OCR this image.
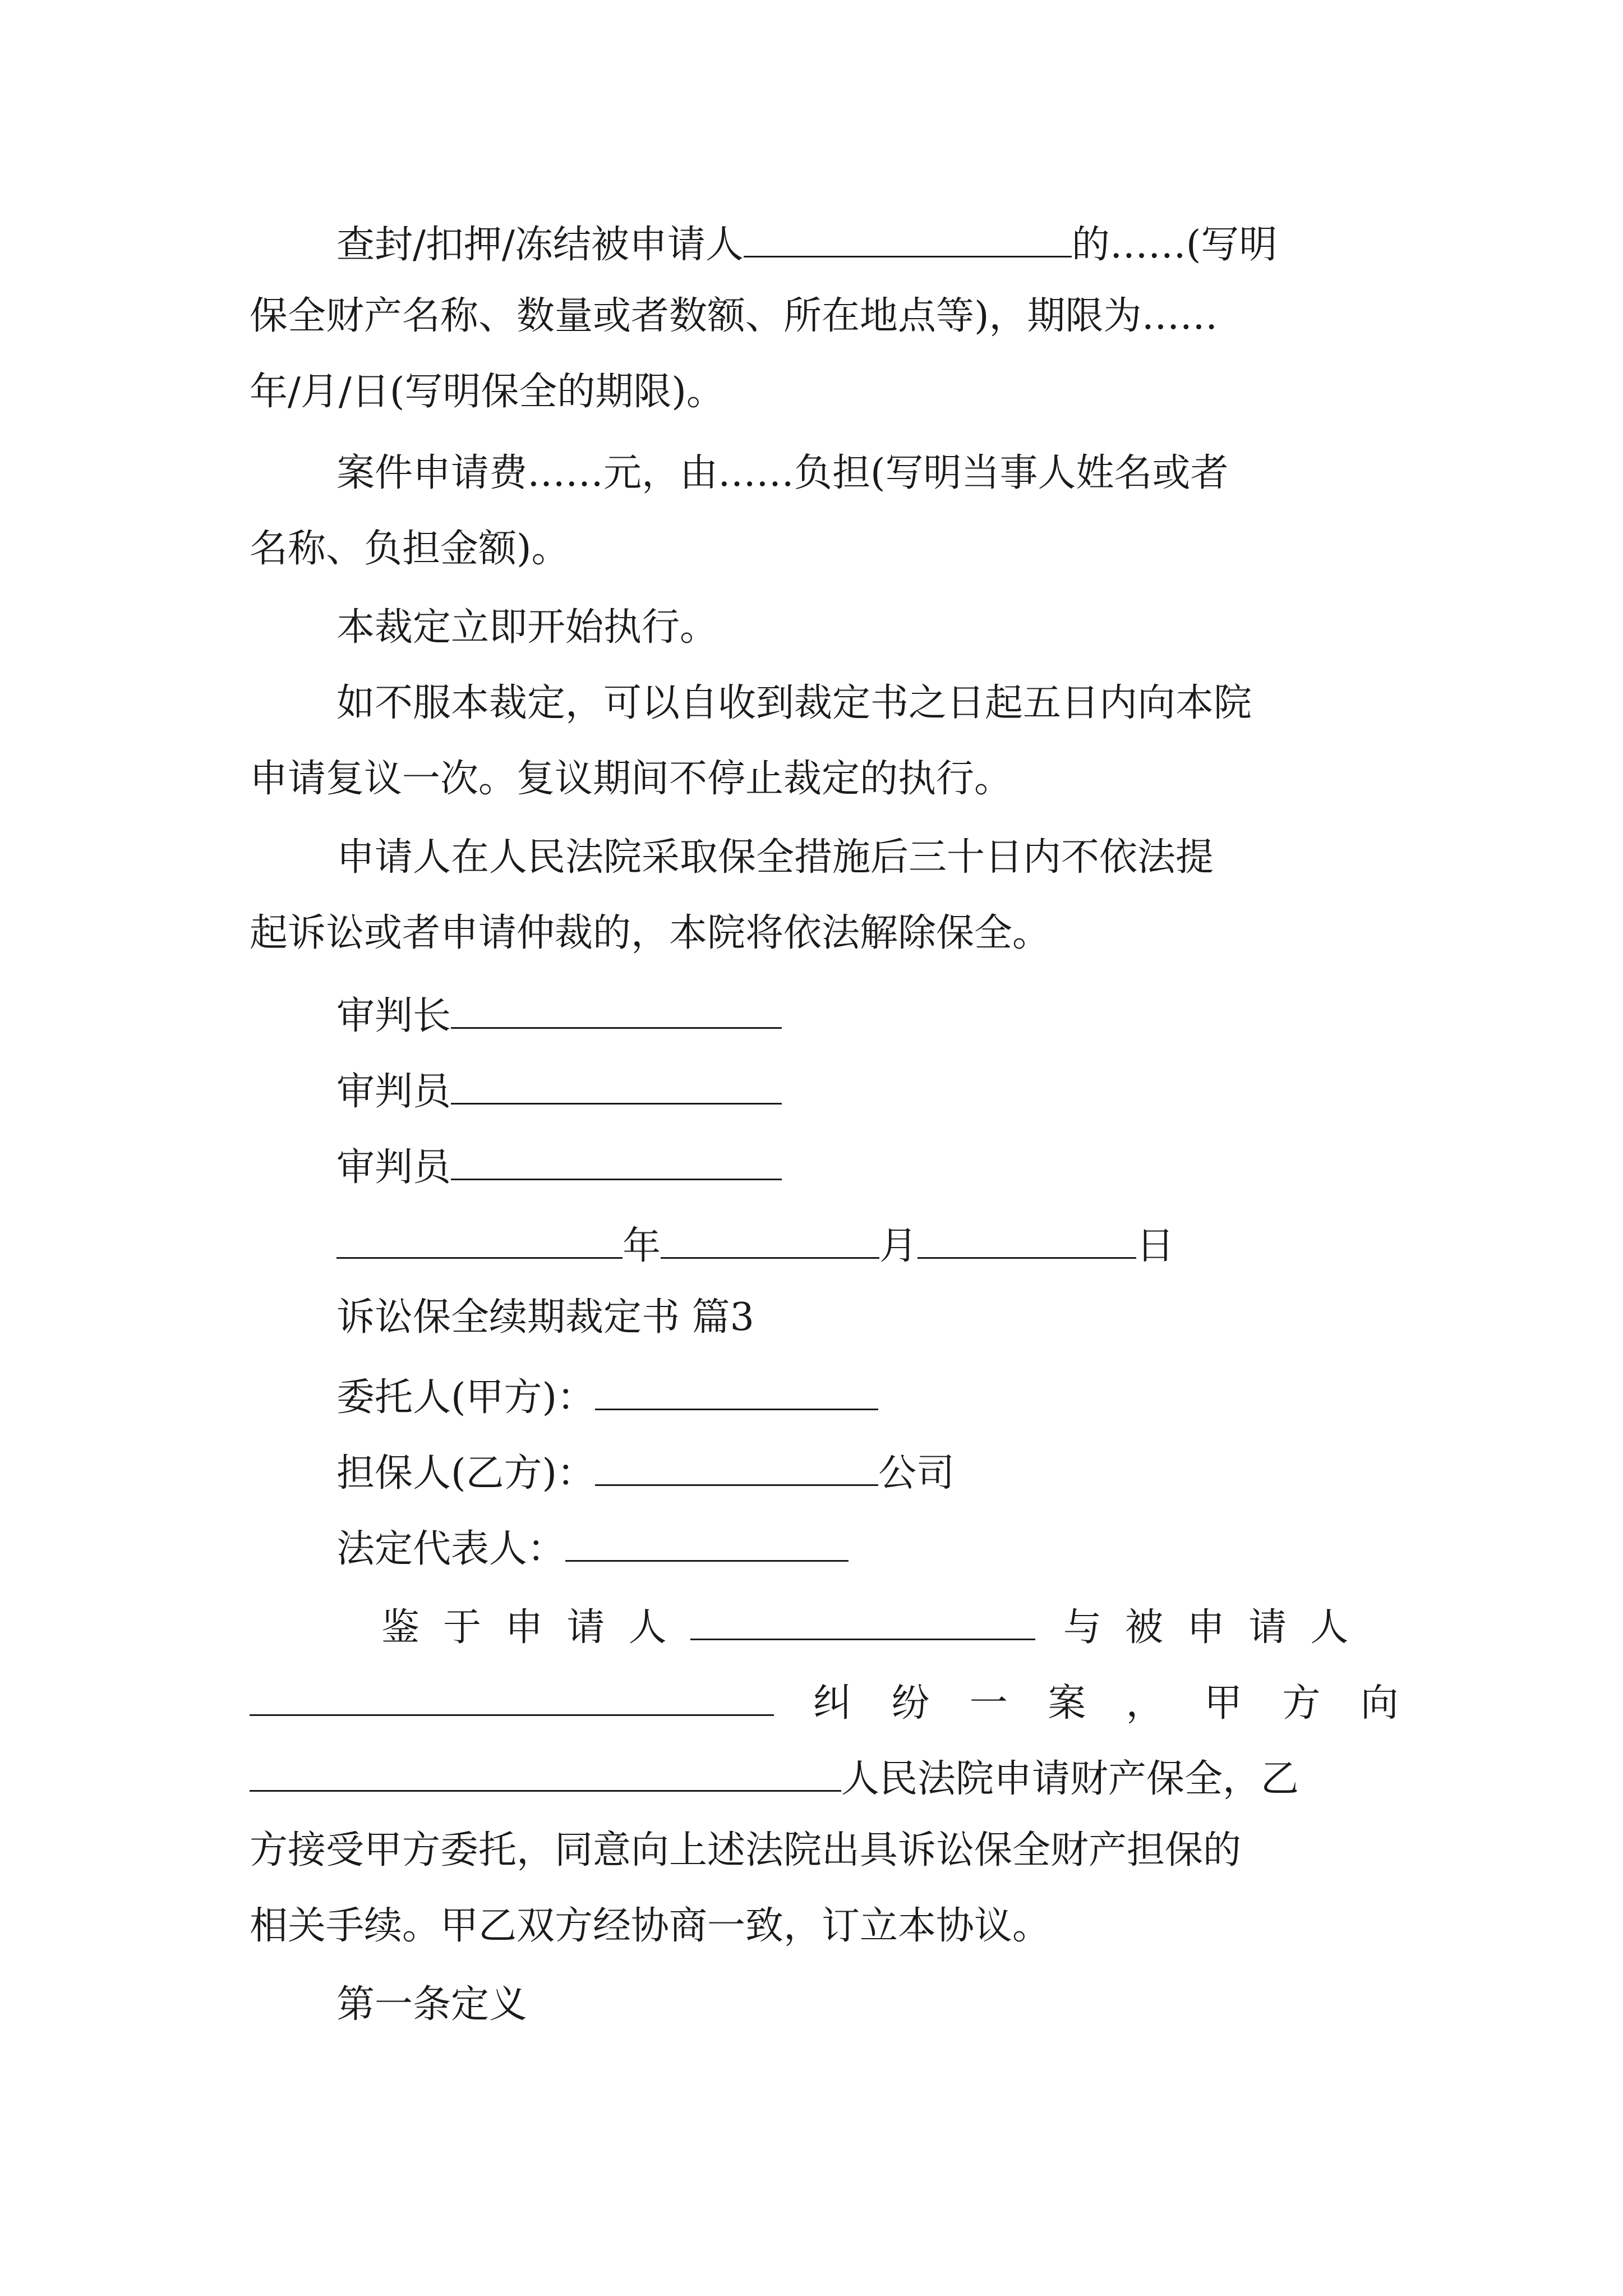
查封/扣押/冻结被申请人	的……(写明
保全财产名称、数量或者数额、所在地点等)，期限为……
年/月/日(写明保全的期限)。
案件申请费……元，由……负担(写明当事人姓名或者
名称、负担金额)。
本裁定立即开始执行。
如不服本裁定，可以自收到裁定书之日起五日内向本院
申请复议一次。复议期间不停止裁定的执行。
申请人在人民法院采取保全措施后三十日内不依法提
起诉讼或者申请仲裁的，本院将依法解除保全。
审判长
审判员
审判员
年	月	日
诉讼保全续期裁定书 篇3
委托人(甲方)：
担保人(乙方)：	公司
法定代表人：
鉴于申请人	与被申请人
纠纷一案，甲方向
人民法院申请财产保全，乙
方接受甲方委托，同意向上述法院出具诉讼保全财产担保的
相关手续。甲乙双方经协商一致，订立本协议。
第一条定义
